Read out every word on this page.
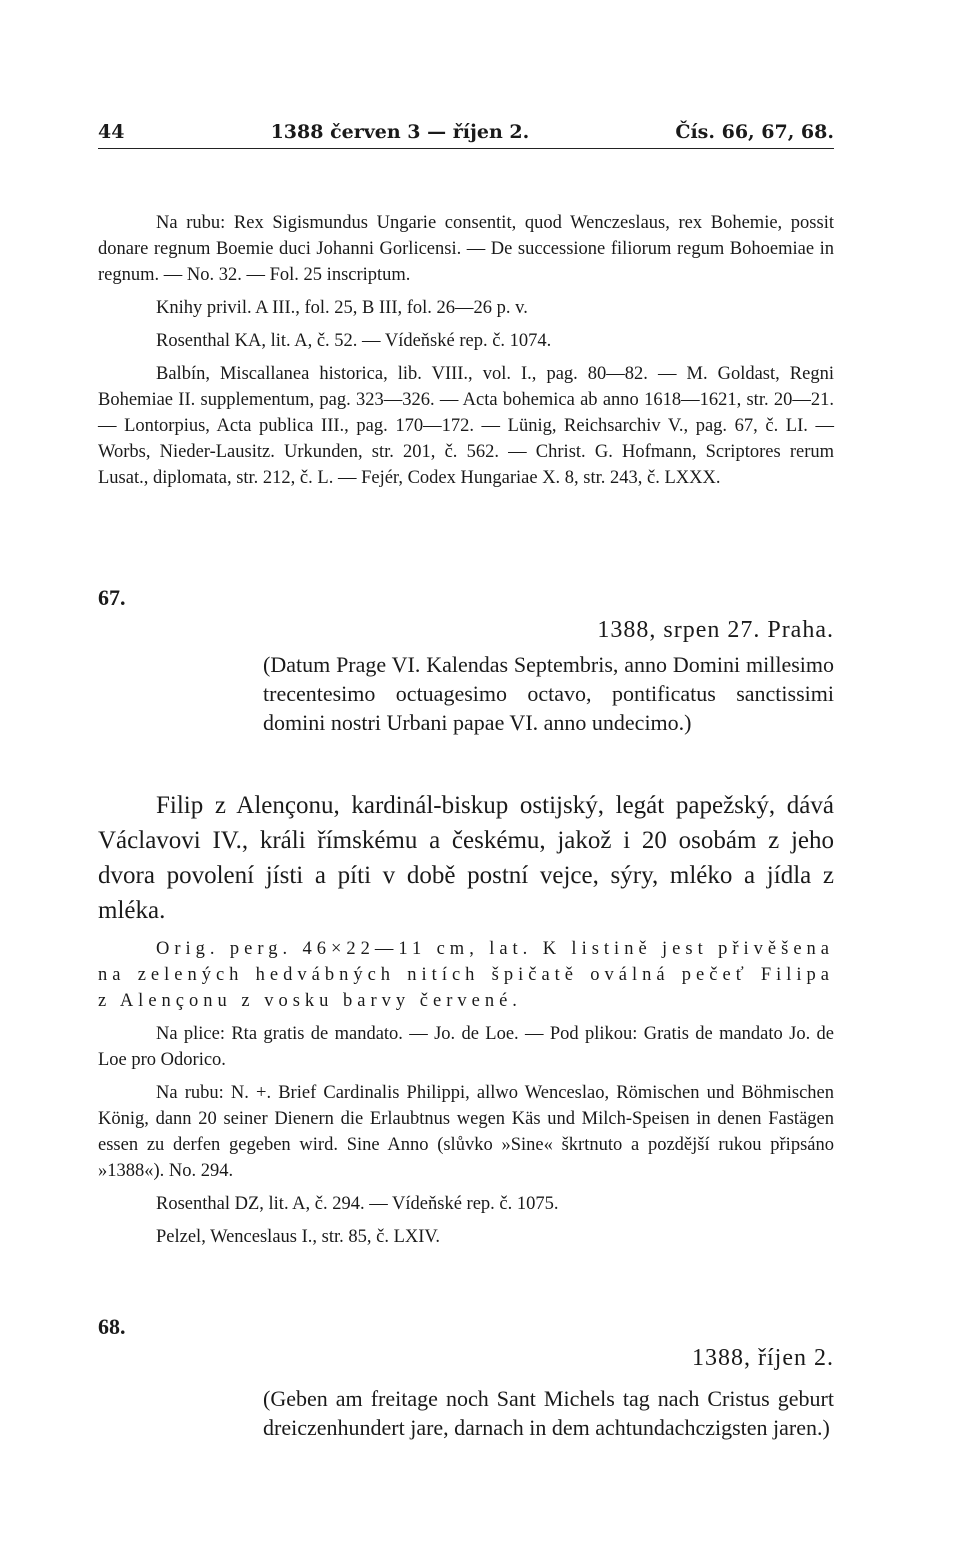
44	1388 červen 3 — říjen 2.	Čís. 66, 67, 68.

Na rubu: Rex Sigismundus Ungarie consentit, quod Wenczeslaus, rex Bohemie, possit donare regnum Boemie duci Johanni Gorlicensi. — De successione filiorum regum Bohoemiae in regnum. — No. 32. — Fol. 25 inscriptum.

Knihy privil. A III., fol. 25, B III, fol. 26—26 p. v.

Rosenthal KA, lit. A, č. 52. — Vídeňské rep. č. 1074.

Balbín, Miscallanea historica, lib. VIII., vol. I., pag. 80—82. — M. Goldast, Regni Bohemiae II. supplementum, pag. 323—326. — Acta bohemica ab anno 1618—1621, str. 20—21. — Lontorpius, Acta publica III., pag. 170—172. — Lünig, Reichsarchiv V., pag. 67, č. LI. — Worbs, Nieder-Lausitz. Urkunden, str. 201, č. 562. — Christ. G. Hofmann, Scriptores rerum Lusat., diplomata, str. 212, č. L. — Fejér, Codex Hungariae X. 8, str. 243, č. LXXX.

67.
1388, srpen 27. Praha.

(Datum Prage VI. Kalendas Septembris, anno Domini millesimo trecentesimo octuagesimo octavo, pontificatus sanctissimi domini nostri Urbani papae VI. anno undecimo.)

Filip z Alençonu, kardinál-biskup ostijský, legát papežský, dává Václavovi IV., králi římskému a českému, jakož i 20 osobám z jeho dvora povolení jísti a píti v době postní vejce, sýry, mléko a jídla z mléka.

Orig. perg. 46×22—11 cm, lat. K listině jest přivěšena na zelených hedvábných nitích špičatě oválná pečeť Filipa z Alençonu z vosku barvy červené.

Na plice: Rta gratis de mandato. — Jo. de Loe. — Pod plikou: Gratis de mandato Jo. de Loe pro Odorico.

Na rubu: N. +. Brief Cardinalis Philippi, allwo Wenceslao, Römischen und Böhmischen König, dann 20 seiner Dienern die Erlaubtnus wegen Käs und Milch-Speisen in denen Fastägen essen zu derfen gegeben wird. Sine Anno (slůvko »Sine« škrtnuto a pozdější rukou připsáno »1388«). No. 294.

Rosenthal DZ, lit. A, č. 294. — Vídeňské rep. č. 1075.

Pelzel, Wenceslaus I., str. 85, č. LXIV.

68.
1388, říjen 2.

(Geben am freitage noch Sant Michels tag nach Cristus geburt dreiczenhundert jare, darnach in dem achtundachczigsten jaren.)
